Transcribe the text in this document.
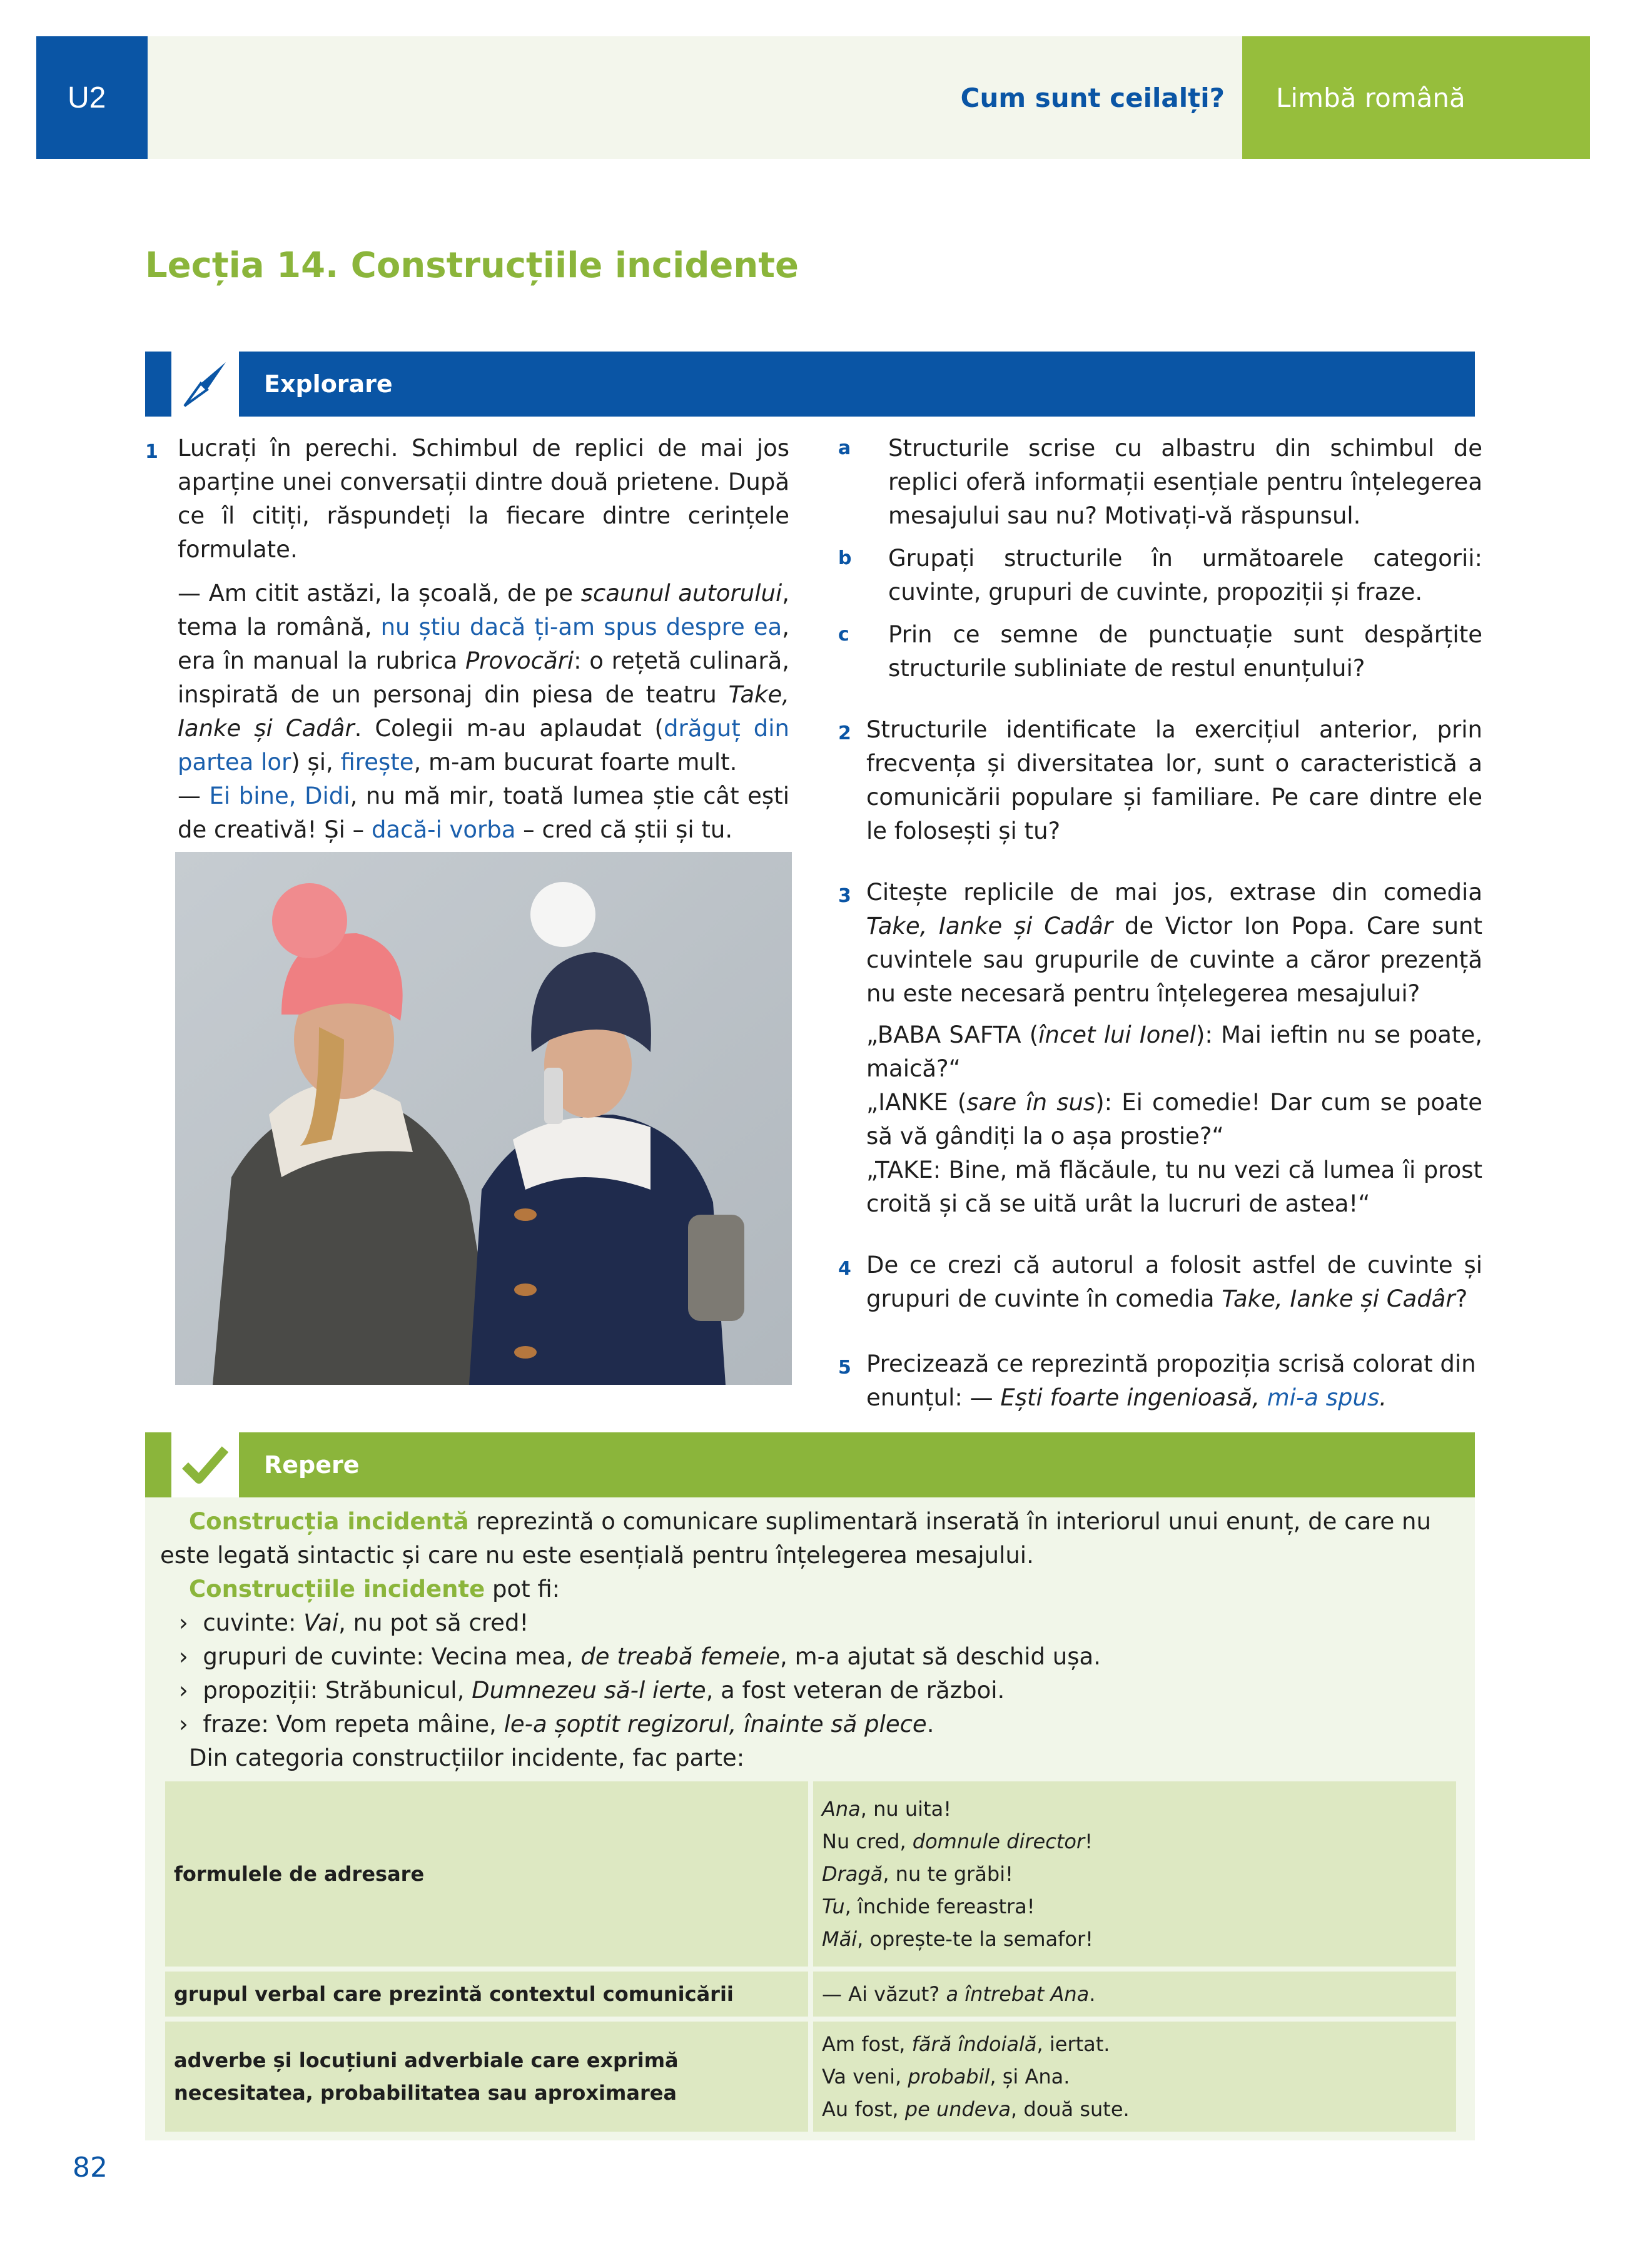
U2	Cum sunt ceilalți? Limbă română
Lecția 14. Construcțiile incidente
Explorare
1 Lucrați în perechi. Schimbul de replici de mai jos aparține unei conversații dintre două prietene. După ce îl citiți, răspundeți la fiecare dintre cerințele formulate.
— Am citit astăzi, la școală, de pe scaunul autorului, tema la română, nu știu dacă ți-am spus despre ea, era în manual la rubrica Provocări: o rețetă culinară, inspirată de un personaj din piesa de teatru Take, Ianke și Cadâr. Colegii m-au aplaudat (drăguț din partea lor) și, firește, m-am bucurat foarte mult.
— Ei bine, Didi, nu mă mir, toată lumea știe cât ești de creativă! Și – dacă-i vorba – cred că știi și tu.
a	Structurile scrise cu albastru din schimbul de replici oferă informații esențiale pentru înțelegerea mesajului sau nu? Motivați-vă răspunsul.
b	Grupați structurile în următoarele categorii: cuvinte, grupuri de cuvinte, propoziții și fraze.
c	Prin ce semne de punctuație sunt despărțite structurile subliniate de restul enunțului?
2 Structurile identificate la exercițiul anterior, prin frecvența și diversitatea lor, sunt o caracteristică a comunicării populare și familiare. Pe care dintre ele le folosești și tu?
3 Citește replicile de mai jos, extrase din comedia Take, Ianke și Cadâr de Victor Ion Popa. Care sunt cuvintele sau grupurile de cuvinte a căror prezență nu este necesară pentru înțelegerea mesajului?
„BABA SAFTA (încet lui Ionel): Mai ieftin nu se poate, maică?“
„IANKE (sare în sus): Ei comedie! Dar cum se poate să vă gândiți la o așa prostie?“
„TAKE: Bine, mă flăcăule, tu nu vezi că lumea îi prost croită și că se uită urât la lucruri de astea!“
4 De ce crezi că autorul a folosit astfel de cuvinte și grupuri de cuvinte în comedia Take, Ianke și Cadâr?
5 Precizează ce reprezintă propoziția scrisă colorat din enunțul: — Ești foarte ingenioasă, mi-a spus.
Repere
Construcția incidentă reprezintă o comunicare suplimentară inserată în interiorul unui enunț, de care nu este legată sintactic și care nu este esențială pentru înțelegerea mesajului.
Construcțiile incidente pot fi:
›  cuvinte: Vai, nu pot să cred!
›  grupuri de cuvinte: Vecina mea, de treabă femeie, m-a ajutat să deschid ușa.
›  propoziții: Străbunicul, Dumnezeu să-l ierte, a fost veteran de război.
›  fraze: Vom repeta mâine, le-a șoptit regizorul, înainte să plece.
Din categoria construcțiilor incidente, fac parte:
formulele de adresare	Ana, nu uita!
Nu cred, domnule director!
Dragă, nu te grăbi!
Tu, închide fereastra!
Măi, oprește-te la semafor!

grupul verbal care prezintă contextul comunicării	— Ai văzut? a întrebat Ana.

adverbe și locuțiuni adverbiale care exprimă necesitatea, probabilitatea sau aproximarea	Am fost, fără îndoială, iertat.
Va veni, probabil, și Ana.
Au fost, pe undeva, două sute.
82
